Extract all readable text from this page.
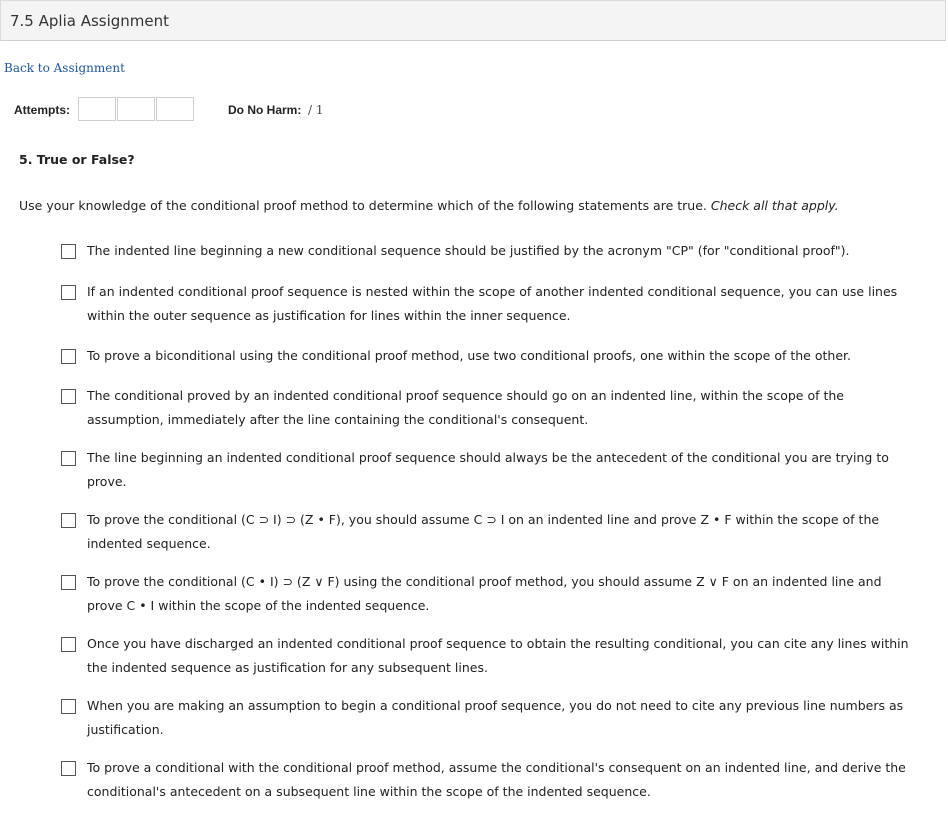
7.5 Aplia Assignment
Back to Assignment
Attempts:	Do No Harm: / 1
5. True or False?
Use your knowledge of the conditional proof method to determine which of the following statements are true. Check all that apply.
The indented line beginning a new conditional sequence should be justified by the acronym "CP" (for "conditional proof").
If an indented conditional proof sequence is nested within the scope of another indented conditional sequence, you can use lines within the outer sequence as justification for lines within the inner sequence.
To prove a biconditional using the conditional proof method, use two conditional proofs, one within the scope of the other.
The conditional proved by an indented conditional proof sequence should go on an indented line, within the scope of the assumption, immediately after the line containing the conditional's consequent.
The line beginning an indented conditional proof sequence should always be the antecedent of the conditional you are trying to prove.
To prove the conditional (C ⊃ I) ⊃ (Z • F), you should assume C ⊃ I on an indented line and prove Z • F within the scope of the indented sequence.
To prove the conditional (C • I) ⊃ (Z ∨ F) using the conditional proof method, you should assume Z ∨ F on an indented line and prove C • I within the scope of the indented sequence.
Once you have discharged an indented conditional proof sequence to obtain the resulting conditional, you can cite any lines within the indented sequence as justification for any subsequent lines.
When you are making an assumption to begin a conditional proof sequence, you do not need to cite any previous line numbers as justification.
To prove a conditional with the conditional proof method, assume the conditional's consequent on an indented line, and derive the conditional's antecedent on a subsequent line within the scope of the indented sequence.
